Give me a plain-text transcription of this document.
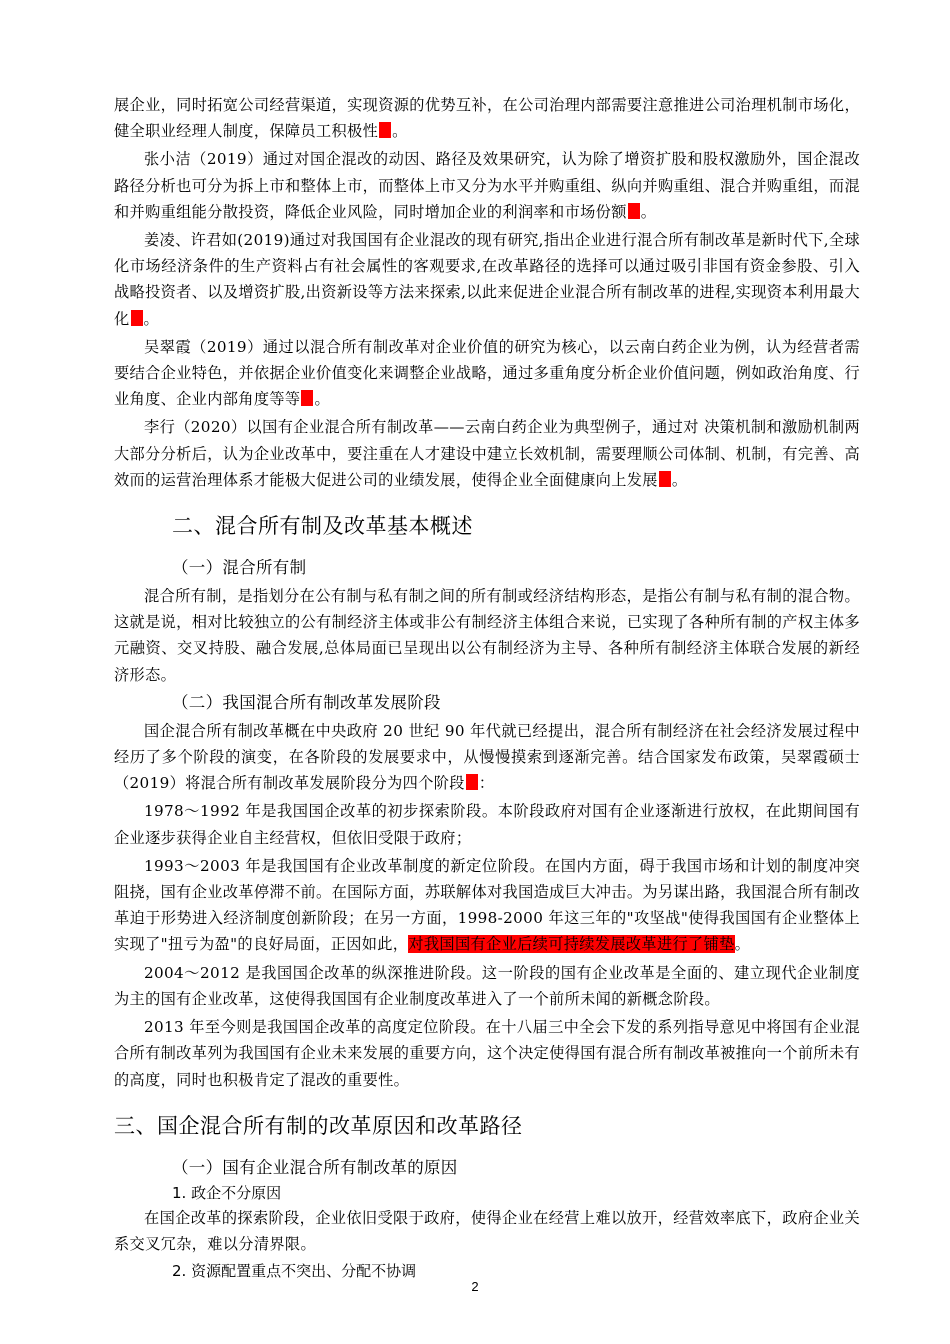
展企业，同时拓宽公司经营渠道，实现资源的优势互补，在公司治理内部需要注意推进公司治理机制市场化，健全职业经理人制度，保障员工积极性 。

张小洁（2019）通过对国企混改的动因、路径及效果研究，认为除了增资扩股和股权激励外，国企混改路径分析也可分为拆上市和整体上市，而整体上市又分为水平并购重组、纵向并购重组、混合并购重组，而混和并购重组能分散投资，降低企业风险，同时增加企业的利润率和市场份额 。

姜凌、许君如(2019)通过对我国国有企业混改的现有研究,指出企业进行混合所有制改革是新时代下,全球化市场经济条件的生产资料占有社会属性的客观要求,在改革路径的选择可以通过吸引非国有资金参股、引入战略投资者、以及增资扩股,出资新设等方法来探索,以此来促进企业混合所有制改革的进程,实现资本利用最大化 。

吴翠霞（2019）通过以混合所有制改革对企业价值的研究为核心，以云南白药企业为例，认为经营者需要结合企业特色，并依据企业价值变化来调整企业战略，通过多重角度分析企业价值问题，例如政治角度、行业角度、企业内部角度等等 。

李行（2020）以国有企业混合所有制改革——云南白药企业为典型例子，通过对 决策机制和激励机制两大部分分析后，认为企业改革中，要注重在人才建设中建立长效机制，需要理顺公司体制、机制，有完善、高效而的运营治理体系才能极大促进公司的业绩发展，使得企业全面健康向上发展 。

二、混合所有制及改革基本概述
（一）混合所有制

混合所有制，是指划分在公有制与私有制之间的所有制或经济结构形态，是指公有制与私有制的混合物。这就是说，相对比较独立的公有制经济主体或非公有制经济主体组合来说，已实现了各种所有制的产权主体多元融资、交叉持股、融合发展,总体局面已呈现出以公有制经济为主导、各种所有制经济主体联合发展的新经济形态。

（二）我国混合所有制改革发展阶段

国企混合所有制改革概在中央政府 20 世纪 90 年代就已经提出，混合所有制经济在社会经济发展过程中经历了多个阶段的演变，在各阶段的发展要求中，从慢慢摸索到逐渐完善。结合国家发布政策，吴翠霞硕士（2019）将混合所有制改革发展阶段分为四个阶段 ：

1978～1992 年是我国国企改革的初步探索阶段。本阶段政府对国有企业逐渐进行放权，在此期间国有企业逐步获得企业自主经营权，但依旧受限于政府；

1993～2003 年是我国国有企业改革制度的新定位阶段。在国内方面，碍于我国市场和计划的制度冲突阻挠，国有企业改革停滞不前。在国际方面，苏联解体对我国造成巨大冲击。为另谋出路，我国混合所有制改革迫于形势进入经济制度创新阶段；在另一方面，1998-2000 年这三年的"攻坚战"使得我国国有企业整体上实现了"扭亏为盈"的良好局面，正因如此，对我国国有企业后续可持续发展改革进行了铺垫。

2004～2012 是我国国企改革的纵深推进阶段。这一阶段的国有企业改革是全面的、建立现代企业制度为主的国有企业改革，这使得我国国有企业制度改革进入了一个前所未闻的新概念阶段。

2013 年至今则是我国国企改革的高度定位阶段。在十八届三中全会下发的系列指导意见中将国有企业混合所有制改革列为我国国有企业未来发展的重要方向，这个决定使得国有混合所有制改革被推向一个前所未有的高度，同时也积极肯定了混改的重要性。

三、国企混合所有制的改革原因和改革路径
（一）国有企业混合所有制改革的原因
1. 政企不分原因

在国企改革的探索阶段，企业依旧受限于政府，使得企业在经营上难以放开，经营效率底下，政府企业关系交叉冗杂，难以分清界限。

2. 资源配置重点不突出、分配不协调
2
